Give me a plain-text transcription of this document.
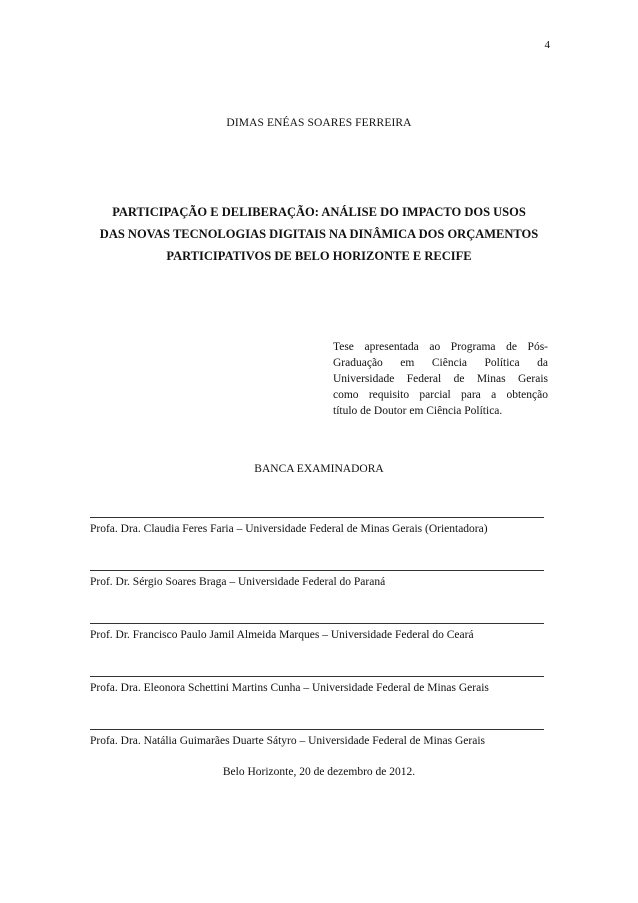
4
DIMAS ENÉAS SOARES FERREIRA
PARTICIPAÇÃO E DELIBERAÇÃO: ANÁLISE DO IMPACTO DOS USOS
DAS NOVAS TECNOLOGIAS DIGITAIS NA DINÂMICA DOS ORÇAMENTOS
PARTICIPATIVOS DE BELO HORIZONTE E RECIFE
Tese apresentada ao Programa de Pós-
Graduação em Ciência Política da
Universidade Federal de Minas Gerais
como requisito parcial para a obtenção
título de Doutor em Ciência Política.
BANCA EXAMINADORA
Profa. Dra. Claudia Feres Faria – Universidade Federal de Minas Gerais (Orientadora)
Prof. Dr. Sérgio Soares Braga – Universidade Federal do Paraná
Prof. Dr. Francisco Paulo Jamil Almeida Marques – Universidade Federal do Ceará
Profa. Dra. Eleonora Schettini Martins Cunha – Universidade Federal de Minas Gerais
Profa. Dra. Natália Guimarães Duarte Sátyro – Universidade Federal de Minas Gerais
Belo Horizonte, 20 de dezembro de 2012.
